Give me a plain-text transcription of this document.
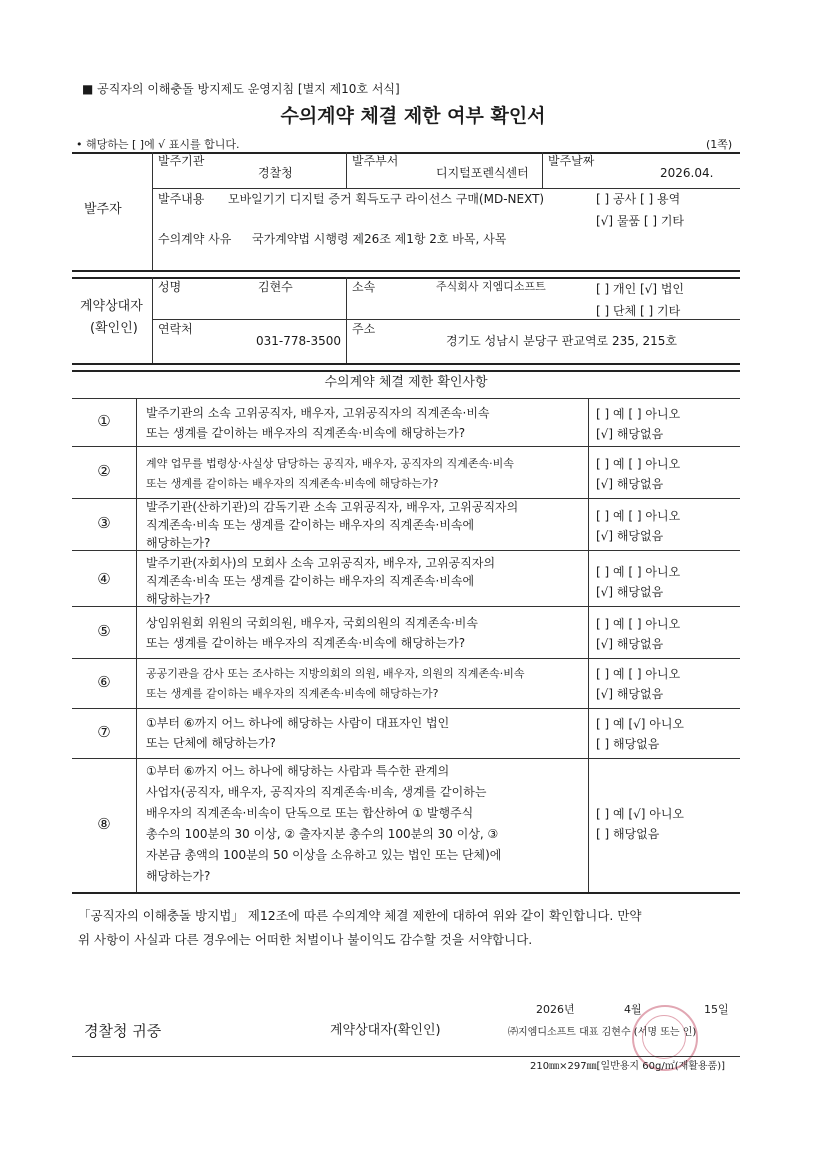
■ 공직자의 이해충돌 방지제도 운영지침 [별지 제10호 서식]
수의계약 체결 제한 여부 확인서
• 해당하는 [ ]에 √ 표시를 합니다.	(1쪽)
발주자
발주기관
경찰청
발주부서
디지털포렌식센터
발주날짜
2026.04.
발주내용 모바일기기 디지털 증거 획득도구 라이선스 구매(MD-NEXT)	[ ] 공사 [ ] 용역
[√] 물품 [ ] 기타
수의계약 사유 국가계약법 시행령 제26조 제1항 2호 바목, 사목
계약상대자
(확인인)
성명	김현수	소속	주식회사 지엠디소프트	[ ] 개인 [√] 법인
[ ] 단체 [ ] 기타
연락처
031-778-3500
주소
경기도 성남시 분당구 판교역로 235, 215호
수의계약 체결 제한 확인사항
①	발주기관의 소속 고위공직자, 배우자, 고위공직자의 직계존속·비속
또는 생계를 같이하는 배우자의 직계존속·비속에 해당하는가?
[ ] 예 [ ] 아니오
[√] 해당없음
②	계약 업무를 법령상·사실상 담당하는 공직자, 배우자, 공직자의 직계존속·비속
또는 생계를 같이하는 배우자의 직계존속·비속에 해당하는가?
[ ] 예 [ ] 아니오
[√] 해당없음
③
발주기관(산하기관)의 감독기관 소속 고위공직자, 배우자, 고위공직자의
직계존속·비속 또는 생계를 같이하는 배우자의 직계존속·비속에
해당하는가?
[ ] 예 [ ] 아니오
[√] 해당없음
④
발주기관(자회사)의 모회사 소속 고위공직자, 배우자, 고위공직자의
직계존속·비속 또는 생계를 같이하는 배우자의 직계존속·비속에
해당하는가?
[ ] 예 [ ] 아니오
[√] 해당없음
⑤	상임위원회 위원의 국회의원, 배우자, 국회의원의 직계존속·비속
또는 생계를 같이하는 배우자의 직계존속·비속에 해당하는가?
[ ] 예 [ ] 아니오
[√] 해당없음
⑥	공공기관을 감사 또는 조사하는 지방의회의 의원, 배우자, 의원의 직계존속·비속
또는 생계를 같이하는 배우자의 직계존속·비속에 해당하는가?
[ ] 예 [ ] 아니오
[√] 해당없음
⑦	①부터 ⑥까지 어느 하나에 해당하는 사람이 대표자인 법인
또는 단체에 해당하는가?
[ ] 예 [√] 아니오
[ ] 해당없음
⑧
①부터 ⑥까지 어느 하나에 해당하는 사람과 특수한 관계의
사업자(공직자, 배우자, 공직자의 직계존속·비속, 생계를 같이하는
배우자의 직계존속·비속이 단독으로 또는 합산하여 ① 발행주식
총수의 100분의 30 이상, ② 출자지분 총수의 100분의 30 이상, ③
자본금 총액의 100분의 50 이상을 소유하고 있는 법인 또는 단체)에
해당하는가?
[ ] 예 [√] 아니오
[ ] 해당없음
「공직자의 이해충돌 방지법」 제12조에 따른 수의계약 체결 제한에 대하여 위와 같이 확인합니다. 만약
위 사항이 사실과 다른 경우에는 어떠한 처벌이나 불이익도 감수할 것을 서약합니다.
2026년	4월	15일
경찰청 귀중	계약상대자(확인인)	㈜지엠디소프트 대표 김현수 (서명 또는 인)
210㎜×297㎜[일반용지 60g/㎡(재활용품)]
